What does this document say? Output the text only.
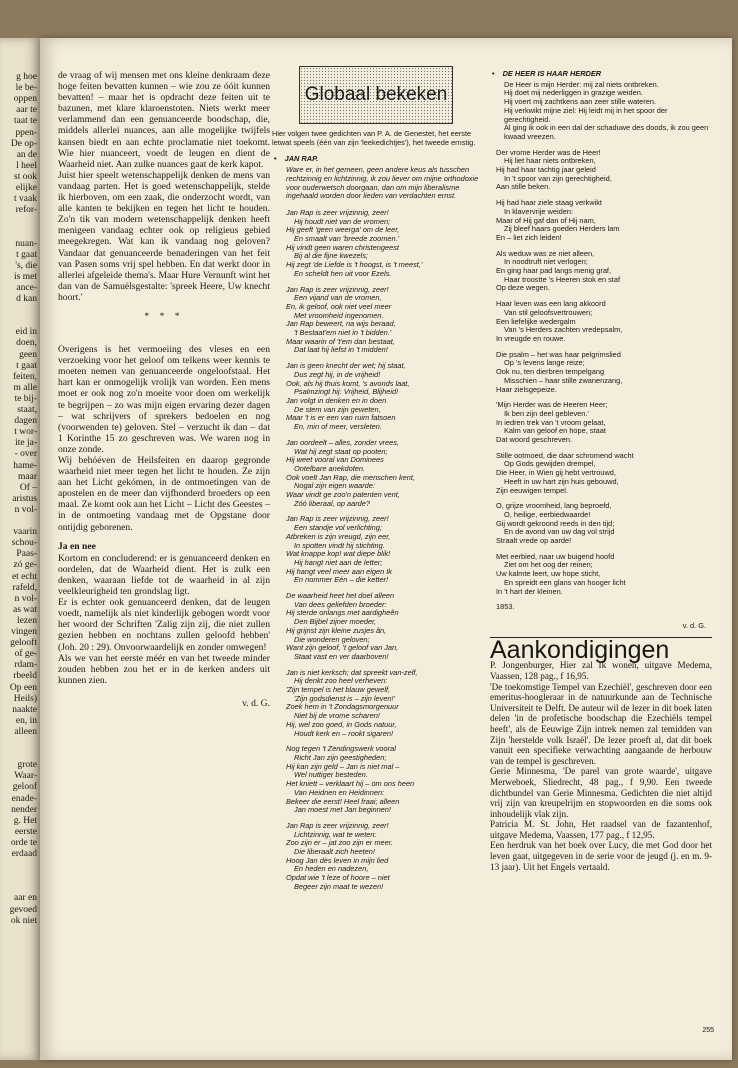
g hoe
le be-
oppen
aar te
taat te
ppen-
De op-
an de
l heel
st ook
elijke
t vaak
refor-
nuan-
t gaat
's, die
is met
ance-
d kan
eid in
doen,
geen
t gaat
feiten,
m alle
te bij-
staat,
dagen
t wor-
ite ja-
- over
hame-
maar
Of –
aristus
n vol-
vaarin
schou-
Paas-
zó ge-
et echt
rafeld,
n vol-
as wat
lezen
vingen
gelooft
of ge-
rdam-
rbeeld
Op een
Heils)
naakte
en, in
alleen
grote
Waar-
geloof
enade-
nender
g. Het
eerste
orde te
erdaad
aar en
gevoed
ok niet

de vraag of wij mensen met ons kleine denkraam deze hoge feiten bevatten kunnen – wie zou ze óóit kunnen bevatten! – maar het is opdracht deze feiten uit te bazunen, met klare klaroenstoten. Niets werkt meer verlammend dan een genuanceerde boodschap, die, middels allerlei nuances, aan alle mogelijke twijfels kansen biedt en aan echte proclamatie niet toekomt. Wie hier nuanceert, voedt de leugen en dient de Waarheid niet. Aan zulke nuances gaat de kerk kapot.

Juist hier speelt wetenschappelijk denken de mens van vandaag parten. Het is goed wetenschappelijk, stelde ik hierboven, om een zaak, die onderzocht wordt, van alle kanten te bekijken en tegen het licht te houden. Zo'n tik van modern wetenschappelijk denken heeft menigeen vandaag echter ook op religieus gebied meegekregen. Wat kan ik vandaag nog geloven? Vandaar dat genuanceerde benaderingen van het feit van Pasen soms vrij spel hebben. En dat werkt door in allerlei afgeleide thema's. Maar Hure Vernunft wint het dan van de Samuëlsgestalte: 'spreek Heere, Uw knecht hoort.'

* * *

Overigens is het vermoeiing des vleses en een verzoeking voor het geloof om telkens weer kennis te moeten nemen van genuanceerde ongeloofstaal. Het hart kan er onmogelijk vrolijk van worden. Een mens moet er ook nog zo'n moeite voor doen om werkelijk te begrijpen – zo was mijn eigen ervaring dezer dagen – wat schrijvers of sprekers bedoelen en nog (voorwenden te) geloven. Stel – verzucht ik dan – dat 1 Korinthe 15 zo geschreven was. We waren nog in onze zonde.

Wij behóéven de Heilsfeiten en daarop gegronde waarheid niet meer tegen het licht te houden. Ze zijn aan het Licht gekómen, in de ontmoetingen van de apostelen en de meer dan vijfhonderd broeders op een maal. Ze komt ook aan het Licht – Licht des Geestes – in de ontmoeting vandaag met de Opgstane door ontijdig geborenen.

Ja en nee

Kortom en concluderend: er is genuanceerd denken en oordelen, dat de Waarheid dient. Het is zulk een denken, waaraan liefde tot de waarheid in al zijn veelkleurigheid ten grondslag ligt.

Er is echter ook genuanceerd denken, dat de leugen voedt, namelijk als niet kinderlijk gebogen wordt voor het woord der Schriften 'Zalig zijn zij, die niet zullen gezien hebben en nochtans zullen geloofd hebben' (Joh. 20 : 29). Onvoorwaardelijk en zonder omwegen!

Als we van het eerste méér en van het tweede minder zouden hebben zou het er in de kerken anders uit kunnen zien.

v. d. G.
Globaal bekeken
Hier volgen twee gedichten van P. A. de Genestet, het eerste letwat speels (één van zijn 'leekedichtjes'), het tweede ernstig.
• JAN RAP.
Ware er, in het gemeen, geen andere keus als tusschen rechtzinnig en lichtzinnig, ik zou liever om mijne orthodoxie voor ouderwetsch doorgaan, dan om mijn liberalisme ingehaald worden door lieden van verdachten ernst.
Jan Rap is zeer vrijzinnig, zeer!
Hij houdt niet van de vromen;
Hij geeft 'geen weerga' om de leer,
En smaalt van 'breede zoomen.'
Hij vindt geen waren christengeest
Bij al die fijne kwezels;
Hij zegt 'de Liefde is 't hoogst, is 't meest,'
En scheldt hen uit voor Ezels.
Jan Rap is zeer vrijzinnig, zeer!
Een vijand van de vromen,
En, ik geloof, ook niet veel meer
Met vroomheid ingenomen.
Jan Rap beweert, na wijs beraad,
't Bestaat'em niet in 't bidden.'
Maar waarin of 't'em dan bestaat,
Dat laat hij liefst in 't midden!
Jan is geen knecht der wet; hij staat,
Dus zegt hij, in de vrijheid!
Ook, als hij thuis komt, 's avonds laat,
Psalmzingt hij: Vrijheid, Blijheid!
Jan volgt in denken en in doen
De stem van zijn geweten,
Maar 't is er een van ruim fatsoen
En, min of meer, versleten.
Jan oordeelt – alles, zonder vrees,
Wat hij zegt staat op pooten;
Hij weet vooral van Dominees
Ontelbare anekdoten.
Ook voelt Jan Rap, die menschen kent,
Nogal zijn eigen waarde:
Waar vindt ge zoo'n patenten vent,
Zóó liberaal, op aarde?
Jan Rap is zeer vrijzinnig, zeer!
Een standje vol verlichting;
Atbreken is zijn vreugd, zijn eer,
In spotten vindt hij stichting.
Wat knappe kop! wat diepe blik!
Hij hangt niet aan de letter;
Hij hangt veel meer aan eigen Ik
En nommer Eén – die ketter!
De waarheid heet het doel alleen
Van dees geliefden broeder:
Hij sterde onlangs met aardigheên
Den Bijbel zijner moeder,
Hij grijnst zijn kleine zusjes ân,
Die wonderen geloven;
Want zijn geloof, 't geloof van Jan,
Staat vast en ver daarboven!
Jan is niet kerksch; dat spreekt van-zelf,
Hij denkt zoo heel verheven:
'Zijn tempel is het blauw gewelf,
'Zijn godsdienst is – zijn leven!'
Zoek hem in 't Zondagsmorgenuur
Niet bij de vrome scharen!
Hij, wel zoo goed, in Gods natuur,
Houdt kerk en – rookt sigaren!
Nog tegen 't Zendingswerk vooral
Richt Jan zijn geestigheden;
Hij kan zijn geld – Jan is niet mal –
Wel nuttiger besteden.
Het kniett – verklaart hij – om ons heen
Van Heidnen en Heidinnen:
Bekeer die eerst! Heel fraai; alleen
Jan moest met Jan beginnen!
Jan Rap is zeer vrijzinnig, zeer!
Lichtzinnig, wat te weten:
Zoo zijn er – jat zoo zijn er meer.
Die liberaalt zich heeten!
Hoog Jan dès leven in mijn lied
En heden en nadezen,
Opdat wie 't leze of hoore – niet
Begeer zijn maat te wezen!
• DE HEER IS HAAR HERDER
De Heer is mijn Herder: mij zal niets ontbreken.
Hij doet mij nederliggen in grazige weiden.
Hij voert mij zachtkens aan zeer stille wateren.
Hij verkwikt mijne ziel: Hij leidt mij in het spoor der gerechtigheid.
Al ging ik ook in een dal der schaduwe des doods, ik zou geen kwaad vreezen.
Der vrome Herder was de Heer!
Hij liet haar niets ontbreken,
Hij had haar tachtig jaar geleid
In 't spoor van zijn gerechtigheid,
Aan stille beken.
Hij had haar ziele staag verkwikt
In klavervrije weiden:
Maar of Hij gaf dan of Hij nam,
Zij bleef haars goeden Herders lam
En – liet zich leiden!
Als weduw was ze niet alleen,
In noodtruft niet verlogen;
En ging haar pad langs menig graf,
Haar troostte 's Heeren stok en staf
Op deze wegen.
Haar leven was een lang akkoord
Van stil geloofsvertrouwen;
Een liefelijke wedergalm
Van 's Herders zachten vredepsalm,
In vreugde en rouwe.
Die psalm – het was haar pelgrimslied
Op 's levens lange reize;
Ook nu, ten dierbren tempelgang
Misschien – haar stille zwanenzang,
Haar zielsgepeize.
'Mijn Herder was de Heeren Heer;
Ik ben zijn deel gebleven.'
In iedren trek van 't vroom gelaat,
Kalm van geloof en hope, staat
Dat woord geschreven.
Stille ootmoed, die daar schromend wacht
Op Gods gewijden drempel,
Die Heer, in Wien gij hebt vertrouwd,
Heeft in uw hart zijn huis gebouwd,
Zijn eeuwigen tempel.
O, grijze vroomheid, lang beproefd,
O, heilige, eerbiedwaarde!
Gij wordt gekroond reeds in den tijd;
En de avond van uw dag vol strijd
Straalt vrede op aarde!
Met eerbied, naar uw buigend hoofd
Ziet om het oog der reinen;
Uw kalmte leert, uw hope sticht,
En spreidt een glans van hooger licht
In 't hart der kleinen.
1853.
v. d. G.
Aankondigingen

P. Jongenburger, Hier zal Ik wonen, uitgave Medema, Vaassen, 128 pag., f 16,95.

'De toekomstige Tempel van Ezechiël', geschreven door een emeritus-hoogleraar in de natuurkunde aan de Technische Universiteit te Delft. De auteur wil de lezer in dit boek laten delen 'in de profetische boodschap die Ezechiëls tempel heeft', als de Eeuwige Zijn intrek nemen zal temidden van Zijn 'herstelde volk Israël'. De lezer proeft al, dat dit boek vanuit een specifieke verwachting aangaande de herbouw van de tempel is geschreven.

Gerie Minnesma, 'De parel van grote waarde', uitgave Merweboek, Sliedrecht, 48 pag., f 9,90. Een tweede dichtbundel van Gerie Minnesma. Gedichten die niet altijd vrij zijn van kreupelrijm en stopwoorden en die soms ook inhoudelijk vlak zijn.

Patricia M. St. John, Het raadsel van de fazantenhof, uitgave Medema, Vaassen, 177 pag., f 12,95.

Een herdruk van het boek over Lucy, die met God door het leven gaat, uitgegeven in de serie voor de jeugd (j. en m. 9-13 jaar). Uit het Engels vertaald.

255
